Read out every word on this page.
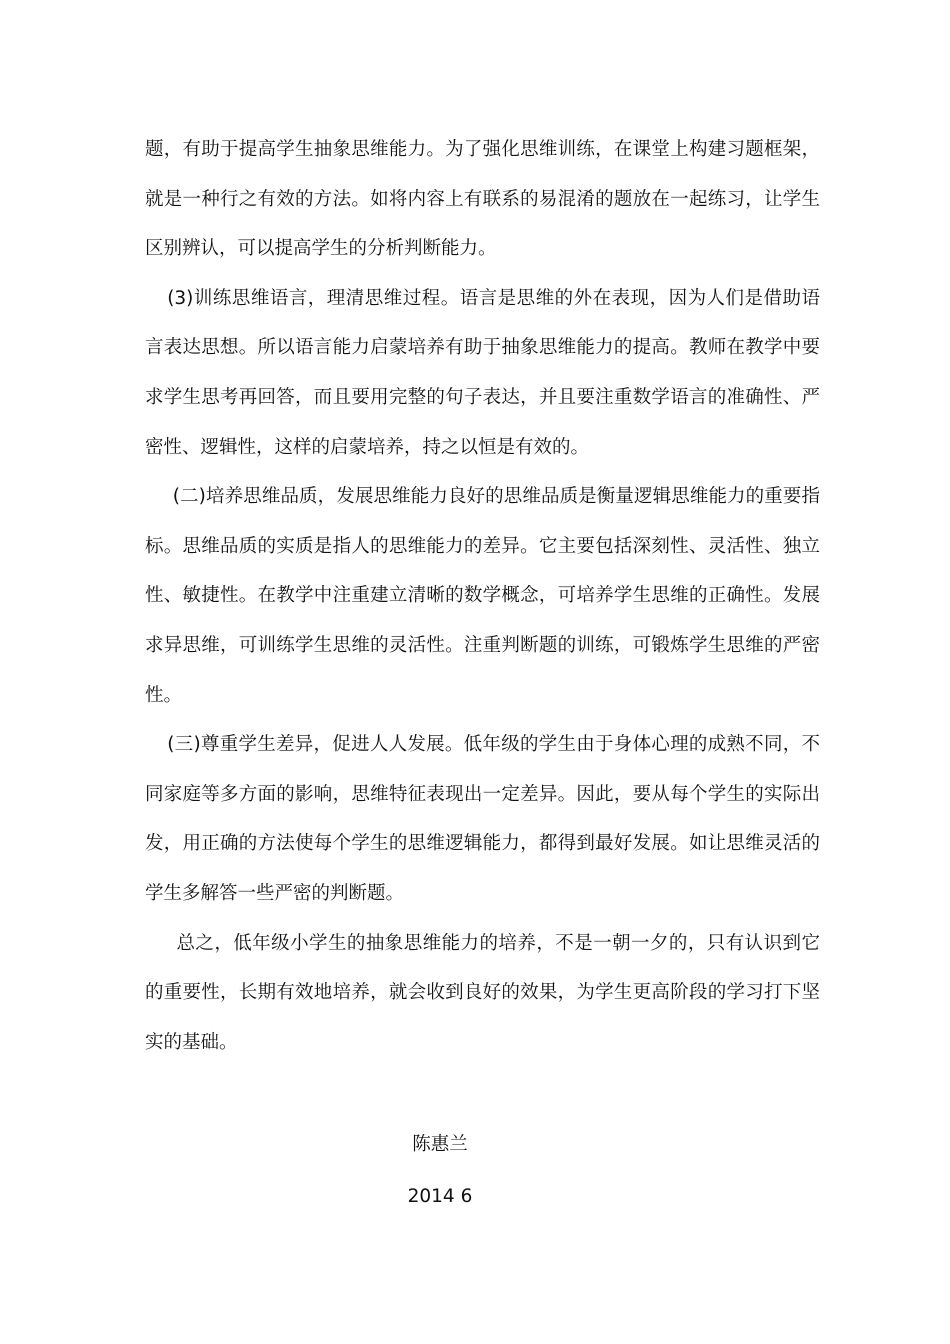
题，有助于提高学生抽象思维能力。为了强化思维训练，在课堂上构建习题框架，就是一种行之有效的方法。如将内容上有联系的易混淆的题放在一起练习，让学生区别辨认，可以提高学生的分析判断能力。

(3)训练思维语言，理清思维过程。语言是思维的外在表现，因为人们是借助语言表达思想。所以语言能力启蒙培养有助于抽象思维能力的提高。教师在教学中要求学生思考再回答，而且要用完整的句子表达，并且要注重数学语言的准确性、严密性、逻辑性，这样的启蒙培养，持之以恒是有效的。

(二)培养思维品质，发展思维能力良好的思维品质是衡量逻辑思维能力的重要指标。思维品质的实质是指人的思维能力的差异。它主要包括深刻性、灵活性、独立性、敏捷性。在教学中注重建立清晰的数学概念，可培养学生思维的正确性。发展求异思维，可训练学生思维的灵活性。注重判断题的训练，可锻炼学生思维的严密性。

(三)尊重学生差异，促进人人发展。低年级的学生由于身体心理的成熟不同，不同家庭等多方面的影响，思维特征表现出一定差异。因此，要从每个学生的实际出发，用正确的方法使每个学生的思维逻辑能力，都得到最好发展。如让思维灵活的学生多解答一些严密的判断题。

总之，低年级小学生的抽象思维能力的培养，不是一朝一夕的，只有认识到它的重要性，长期有效地培养，就会收到良好的效果，为学生更高阶段的学习打下坚实的基础。

陈惠兰
2014 6
